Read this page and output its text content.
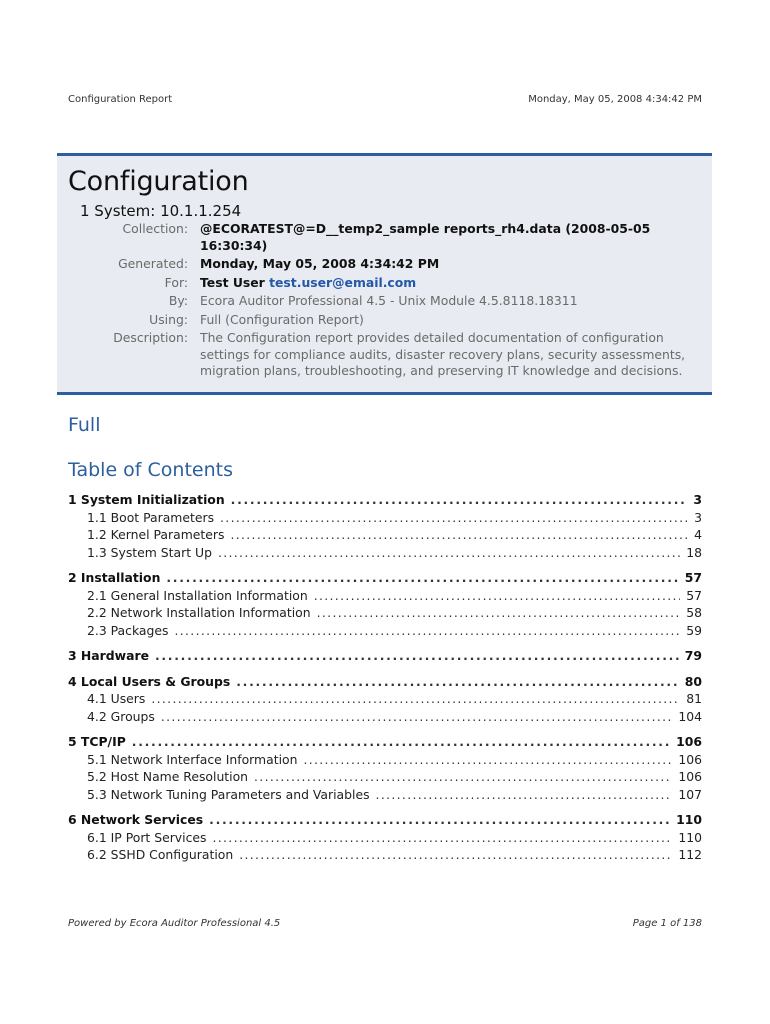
Configuration Report	Monday, May 05, 2008 4:34:42 PM
Configuration
1 System: 10.1.1.254
Collection: @ECORATEST@=D__temp2_sample reports_rh4.data (2008-05-05 16:30:34)
Generated: Monday, May 05, 2008 4:34:42 PM
For: Test User test.user@email.com
By: Ecora Auditor Professional 4.5 - Unix Module 4.5.8118.18311
Using: Full (Configuration Report)
Description: The Configuration report provides detailed documentation of configuration settings for compliance audits, disaster recovery plans, security assessments, migration plans, troubleshooting, and preserving IT knowledge and decisions.
Full
Table of Contents
1 System Initialization . . .	3
1.1 Boot Parameters . . .	3
1.2 Kernel Parameters . . .	4
1.3 System Start Up . . .	18
2 Installation . . .	57
2.1 General Installation Information . . .	57
2.2 Network Installation Information . . .	58
2.3 Packages . . .	59
3 Hardware . . .	79
4 Local Users & Groups . . .	80
4.1 Users . . .	81
4.2 Groups . . .	104
5 TCP/IP . . .	106
5.1 Network Interface Information . . .	106
5.2 Host Name Resolution . . .	106
5.3 Network Tuning Parameters and Variables . . .	107
6 Network Services . . .	110
6.1 IP Port Services . . .	110
6.2 SSHD Configuration . . .	112
Powered by Ecora Auditor Professional 4.5	Page 1 of 138
